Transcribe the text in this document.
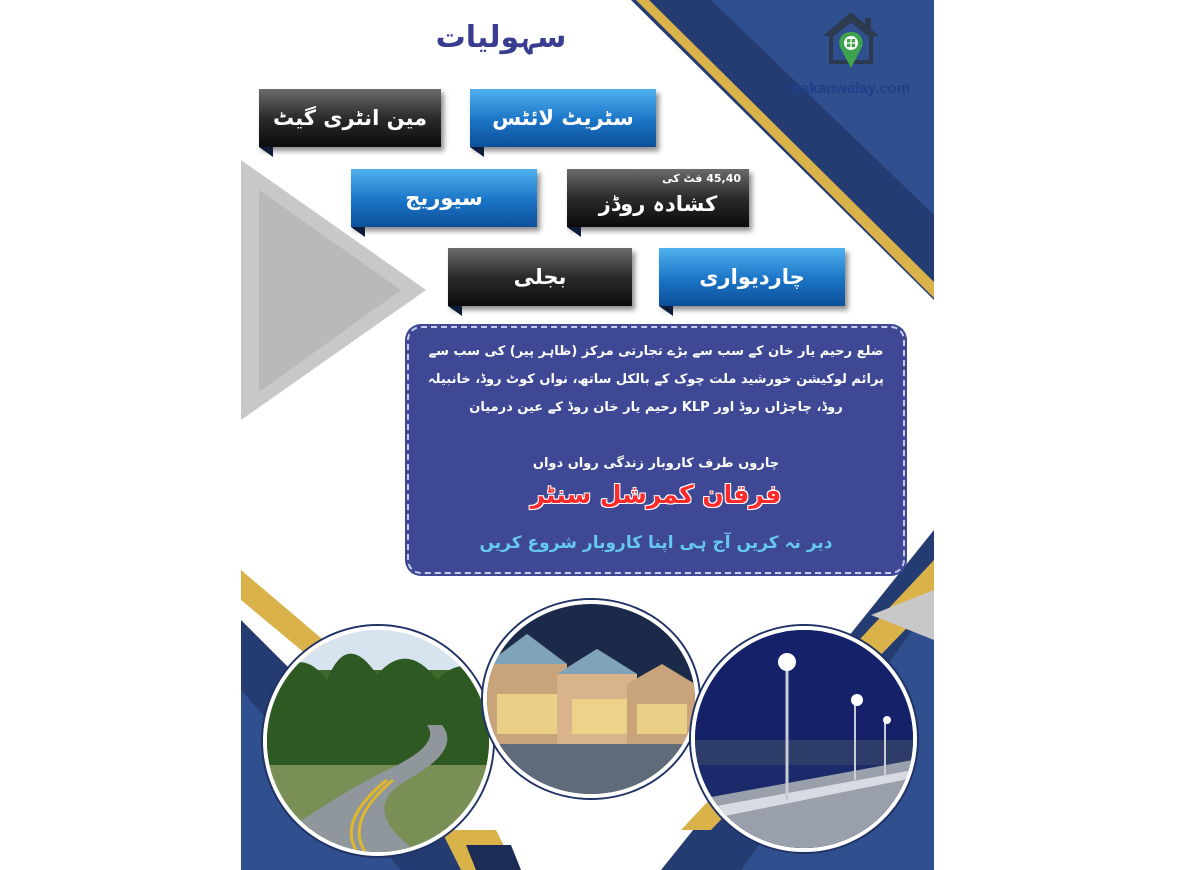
makanwalay.com
سہولیات
مین انٹری گیٹ	سٹریٹ لائٹس
45,40 فٹ کی
کشادہ روڈز
سیوریج
چاردیواری
بجلی

ضلع رحیم یار خان کے سب سے بڑے تجارتی مرکز (ظاہر پیر) کی سب سے پرائم لوکیشن خورشید ملت چوک کے بالکل ساتھ، نواں کوٹ روڈ، خانبیلہ روڈ، چاچڑاں روڈ اور KLP رحیم یار خان روڈ کے عین درمیان

چاروں طرف کاروبار زندگی رواں دواں

فرقان کمرشل سنٹر

دیر نہ کریں آج ہی اپنا کاروبار شروع کریں
